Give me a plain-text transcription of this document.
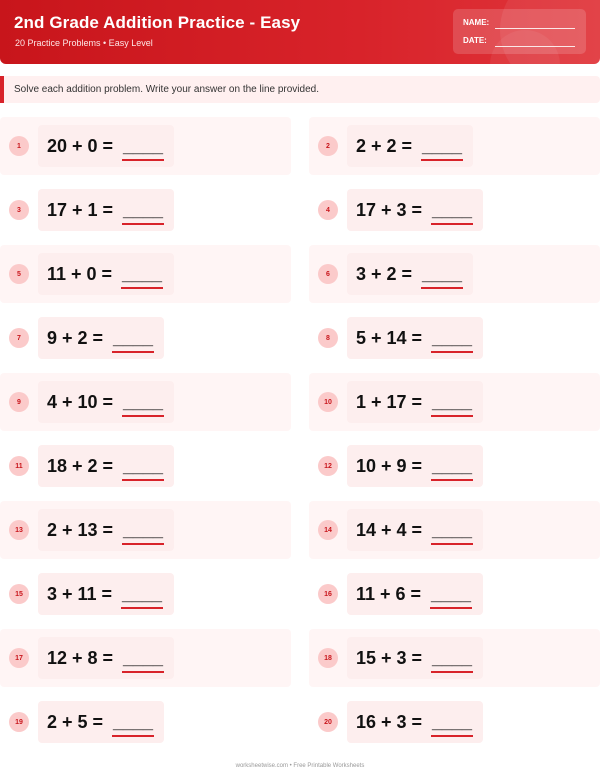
2nd Grade Addition Practice - Easy
20 Practice Problems • Easy Level
NAME:
DATE:
Solve each addition problem. Write your answer on the line provided.
1	20 + 0 = ____	2	2 + 2 = ____
3	17 + 1 = ____	4	17 + 3 = ____
5	11 + 0 = ____	6	3 + 2 = ____
7	9 + 2 = ____	8	5 + 14 = ____
9	4 + 10 = ____	10	1 + 17 = ____
11	18 + 2 = ____	12	10 + 9 = ____
13	2 + 13 = ____	14	14 + 4 = ____
15	3 + 11 = ____	16	11 + 6 = ____
17	12 + 8 = ____	18	15 + 3 = ____
19	2 + 5 = ____	20	16 + 3 = ____
worksheetwise.com • Free Printable Worksheets
